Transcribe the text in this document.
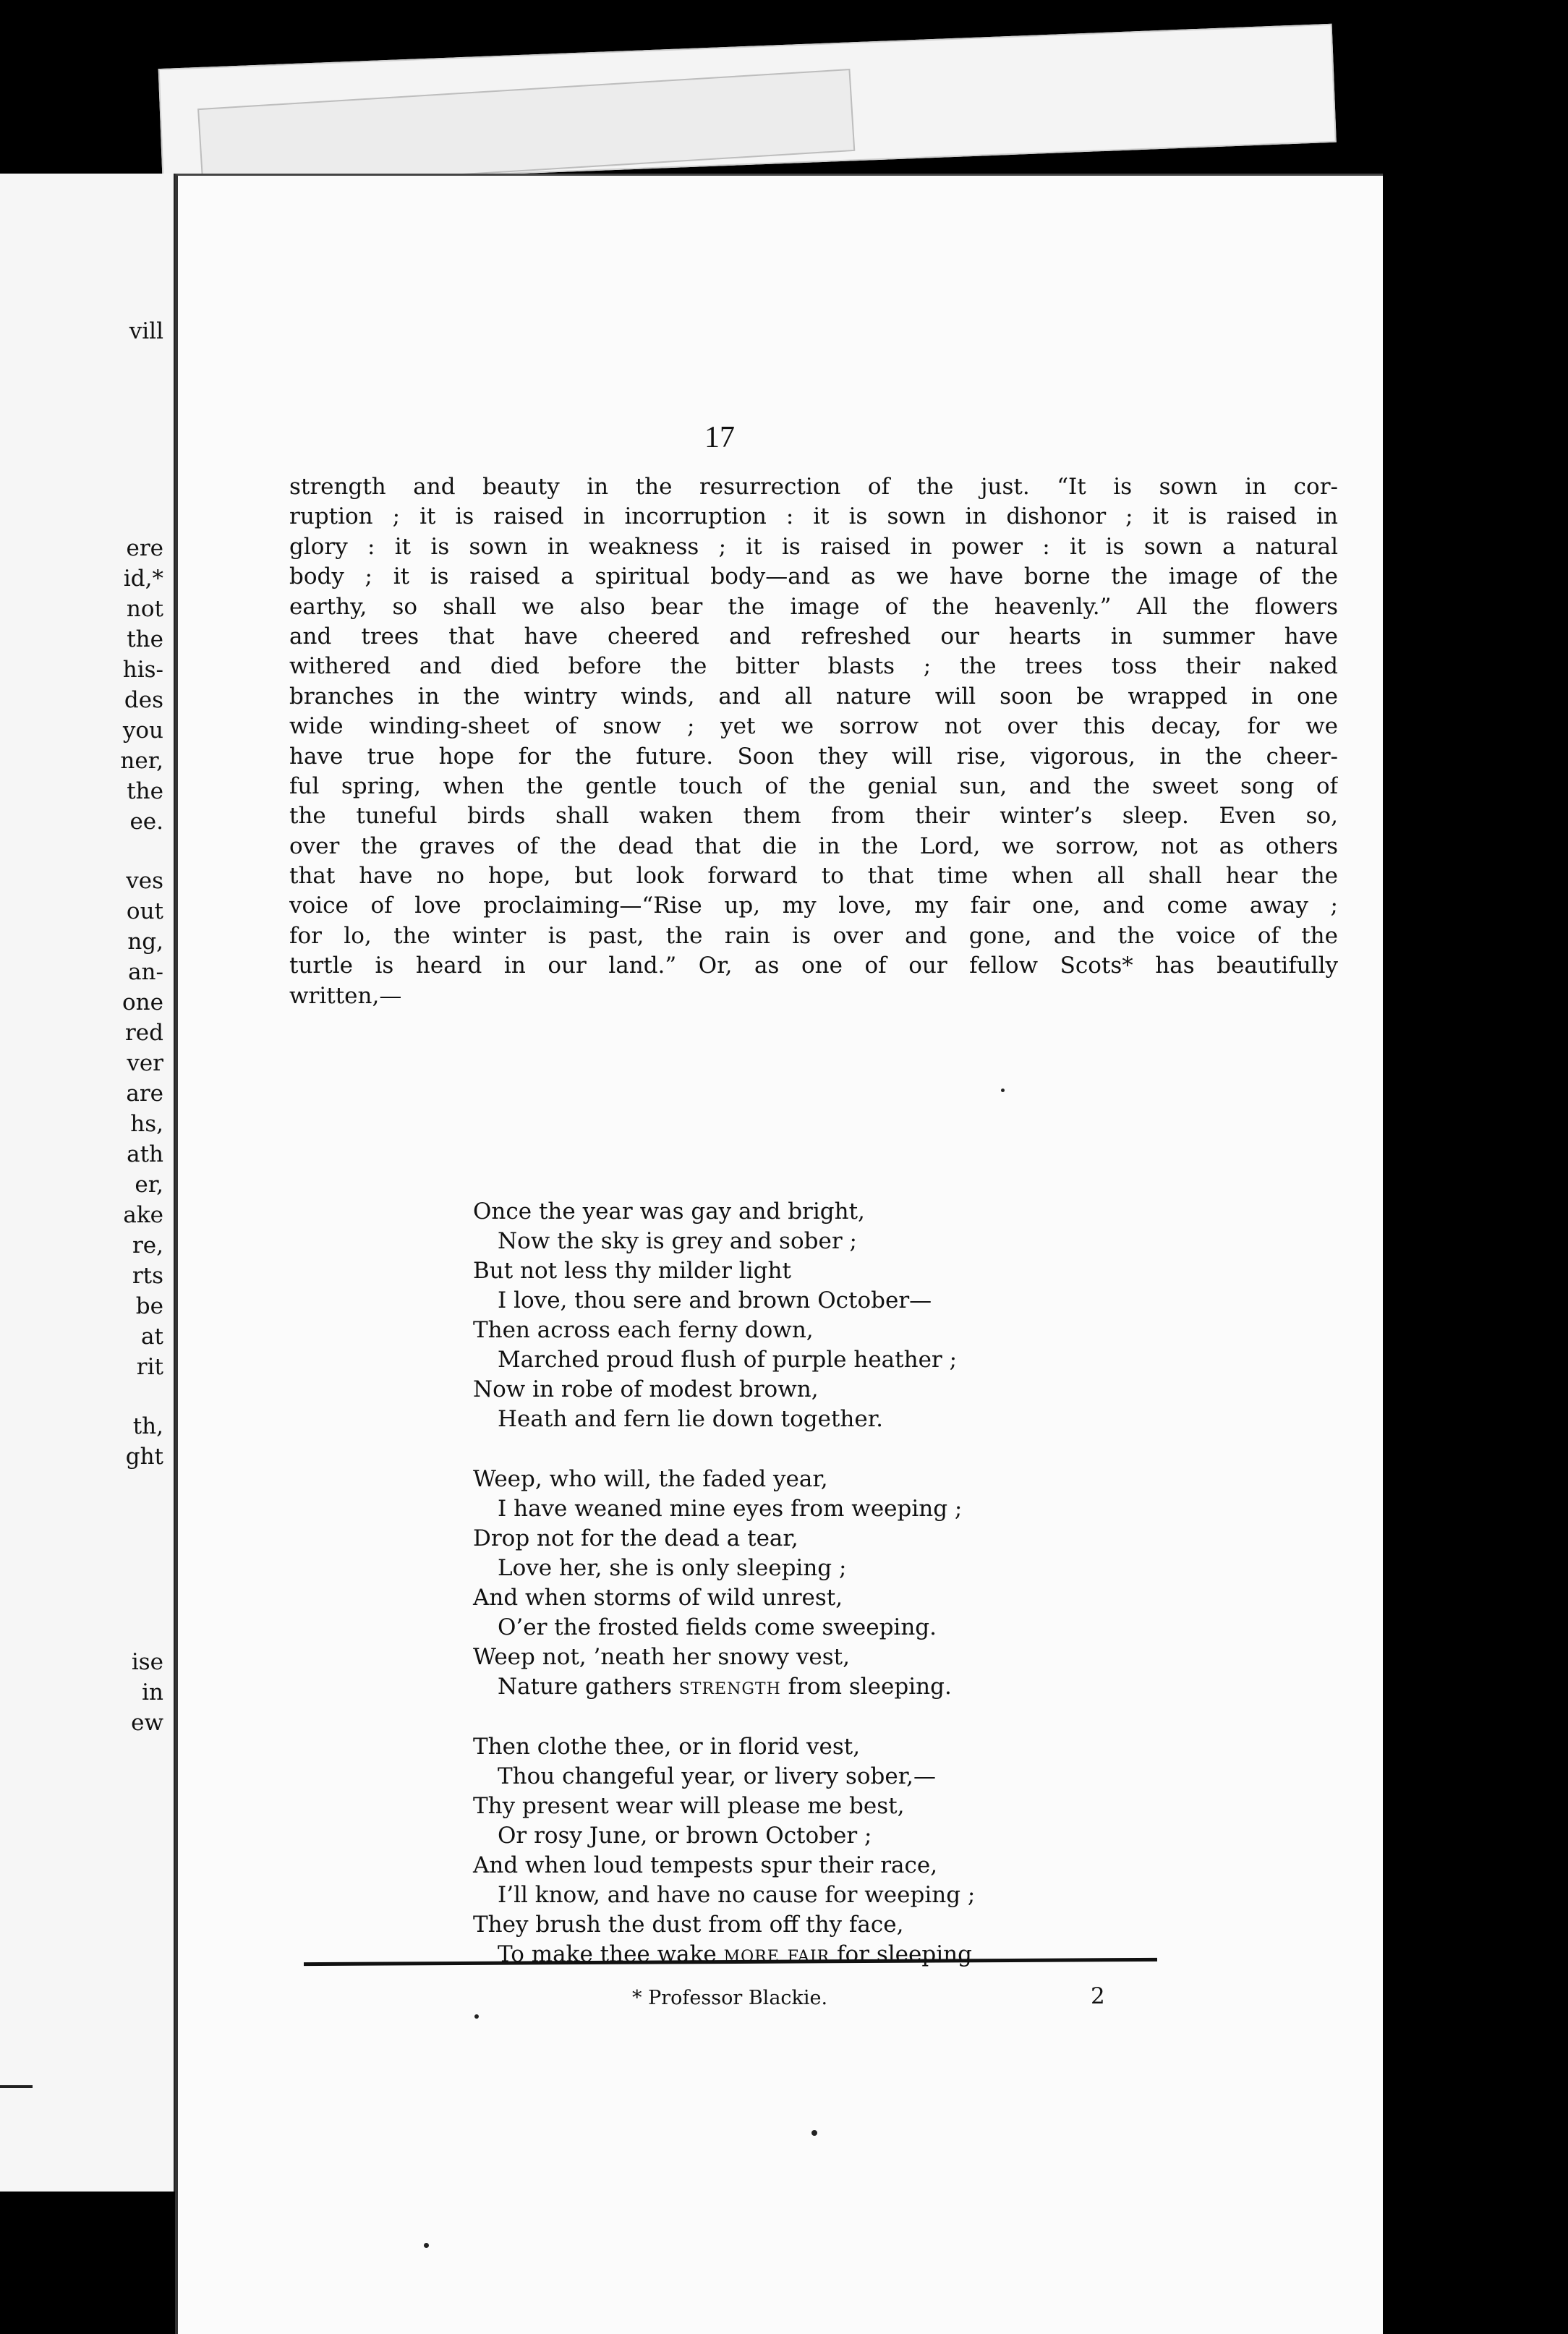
vill
ere
id,*
not
the
his-
des
you
ner,
the
ee.
ves
out
ng,
an-
one
red
ver
are
hs,
ath
er,
ake
re,
rts
be
at
rit
th,
ght
ise
in
ew
17
strength and beauty in the resurrection of the just. “It is sown in cor-
ruption ; it is raised in incorruption : it is sown in dishonor ; it is raised in
glory : it is sown in weakness ; it is raised in power : it is sown a natural
body ; it is raised a spiritual body—and as we have borne the image of the
earthy, so shall we also bear the image of the heavenly.” All the flowers
and trees that have cheered and refreshed our hearts in summer have
withered and died before the bitter blasts ; the trees toss their naked
branches in the wintry winds, and all nature will soon be wrapped in one
wide winding-sheet of snow ; yet we sorrow not over this decay, for we
have true hope for the future. Soon they will rise, vigorous, in the cheer-
ful spring, when the gentle touch of the genial sun, and the sweet song of
the tuneful birds shall waken them from their winter’s sleep. Even so,
over the graves of the dead that die in the Lord, we sorrow, not as others
that have no hope, but look forward to that time when all shall hear the
voice of love proclaiming—“Rise up, my love, my fair one, and come away ;
for lo, the winter is past, the rain is over and gone, and the voice of the
turtle is heard in our land.” Or, as one of our fellow Scots* has beautifully
written,—
Once the year was gay and bright,
Now the sky is grey and sober ;
But not less thy milder light
I love, thou sere and brown October—
Then across each ferny down,
Marched proud flush of purple heather ;
Now in robe of modest brown,
Heath and fern lie down together.
Weep, who will, the faded year,
I have weaned mine eyes from weeping ;
Drop not for the dead a tear,
Love her, she is only sleeping ;
And when storms of wild unrest,
O’er the frosted fields come sweeping.
Weep not, ’neath her snowy vest,
Nature gathers strength from sleeping.
Then clothe thee, or in florid vest,
Thou changeful year, or livery sober,—
Thy present wear will please me best,
Or rosy June, or brown October ;
And when loud tempests spur their race,
I’ll know, and have no cause for weeping ;
They brush the dust from off thy face,
To make thee wake more fair for sleeping.
* Professor Blackie.	2
